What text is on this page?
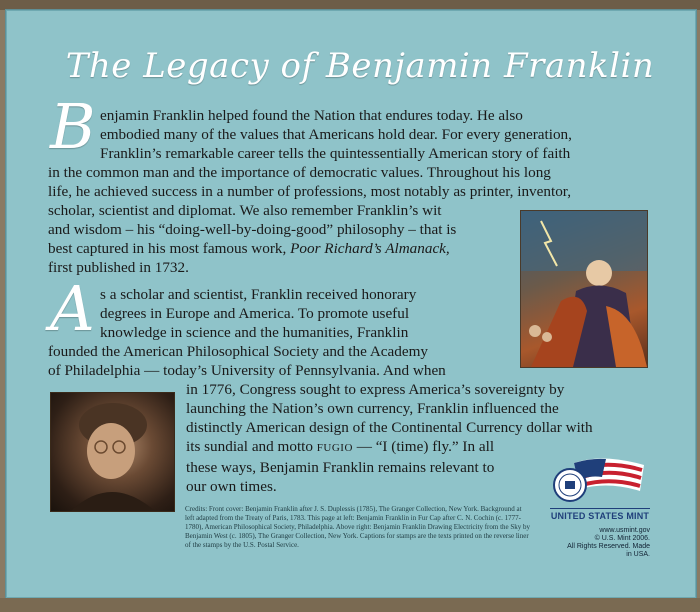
The Legacy of Benjamin Franklin
B enjamin Franklin helped found the Nation that endures today. He also
embodied many of the values that Americans hold dear. For every generation,
Franklin’s remarkable career tells the quintessentially American story of faith
in the common man and the importance of democratic values. Throughout his long
life, he achieved success in a number of professions, most notably as printer, inventor,
scholar, scientist and diplomat. We also remember Franklin’s wit
and wisdom – his “doing-well-by-doing-good” philosophy – that is
best captured in his most famous work, Poor Richard’s Almanack,
first published in 1732.
A s a scholar and scientist, Franklin received honorary
degrees in Europe and America. To promote useful
knowledge in science and the humanities, Franklin
founded the American Philosophical Society and the Academy
of Philadelphia — today’s University of Pennsylvania. And when
in 1776, Congress sought to express America’s sovereignty by
launching the Nation’s own currency, Franklin influenced the
distinctly American design of the Continental Currency dollar with
its sundial and motto FUGIO — “I (time) fly.” In all
these ways, Benjamin Franklin remains relevant to
our own times.
Credits: Front cover: Benjamin Franklin after J. S. Duplessis (1785), The Granger Collection, New York. Background at left adapted from the Treaty of Paris, 1783. This page at left: Benjamin Franklin in Fur Cap after C. N. Cochin (c. 1777-1780), American Philosophical Society, Philadelphia. Above right: Benjamin Franklin Drawing Electricity from the Sky by Benjamin West (c. 1805), The Granger Collection, New York. Captions for stamps are the texts printed on the reverse liner of the stamps by the U.S. Postal Service.
UNITED STATES MINT
www.usmint.gov
© U.S. Mint 2006.
All Rights Reserved. Made in USA.
